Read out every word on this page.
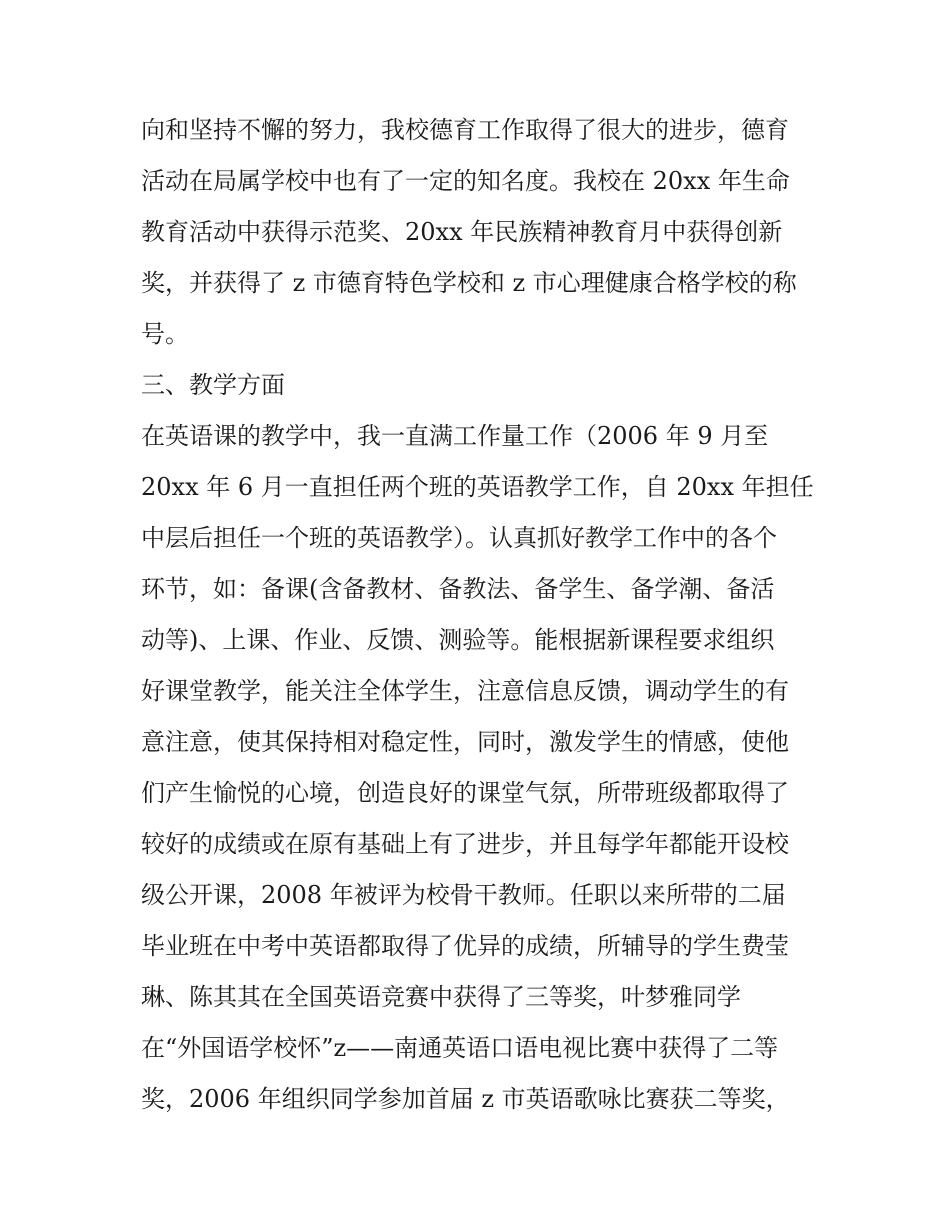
向和坚持不懈的努力，我校德育工作取得了很大的进步，德育
活动在局属学校中也有了一定的知名度。我校在 20xx 年生命
教育活动中获得示范奖、20xx 年民族精神教育月中获得创新
奖，并获得了 z 市德育特色学校和 z 市心理健康合格学校的称
号。
三、教学方面
在英语课的教学中，我一直满工作量工作（2006 年 9 月至
20xx 年 6 月一直担任两个班的英语教学工作，自 20xx 年担任
中层后担任一个班的英语教学）。认真抓好教学工作中的各个
环节，如：备课(含备教材、备教法、备学生、备学潮、备活
动等)、上课、作业、反馈、测验等。能根据新课程要求组织
好课堂教学，能关注全体学生，注意信息反馈，调动学生的有
意注意，使其保持相对稳定性，同时，激发学生的情感，使他
们产生愉悦的心境，创造良好的课堂气氛，所带班级都取得了
较好的成绩或在原有基础上有了进步，并且每学年都能开设校
级公开课，2008 年被评为校骨干教师。任职以来所带的二届
毕业班在中考中英语都取得了优异的成绩，所辅导的学生费莹
琳、陈其其在全国英语竞赛中获得了三等奖，叶梦雅同学
在“外国语学校怀”z——南通英语口语电视比赛中获得了二等
奖，2006 年组织同学参加首届 z 市英语歌咏比赛获二等奖，
